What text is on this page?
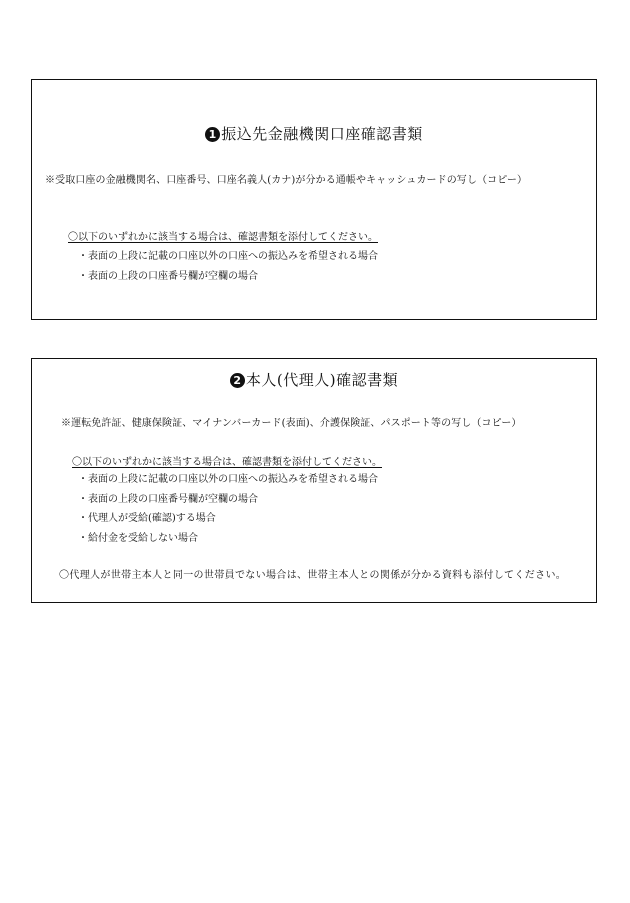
1 振込先金融機関口座確認書類
※受取口座の金融機関名、口座番号、口座名義人(カナ)が分かる通帳やキャッシュカードの写し（コピー）
〇以下のいずれかに該当する場合は、確認書類を添付してください。
・表面の上段に記載の口座以外の口座への振込みを希望される場合
・表面の上段の口座番号欄が空欄の場合
2 本人(代理人)確認書類
※運転免許証、健康保険証、マイナンバーカード(表面)、介護保険証、パスポート等の写し（コピー）
〇以下のいずれかに該当する場合は、確認書類を添付してください。
・表面の上段に記載の口座以外の口座への振込みを希望される場合
・表面の上段の口座番号欄が空欄の場合
・代理人が受給(確認)する場合
・給付金を受給しない場合
〇代理人が世帯主本人と同一の世帯員でない場合は、世帯主本人との関係が分かる資料も添付してください。
